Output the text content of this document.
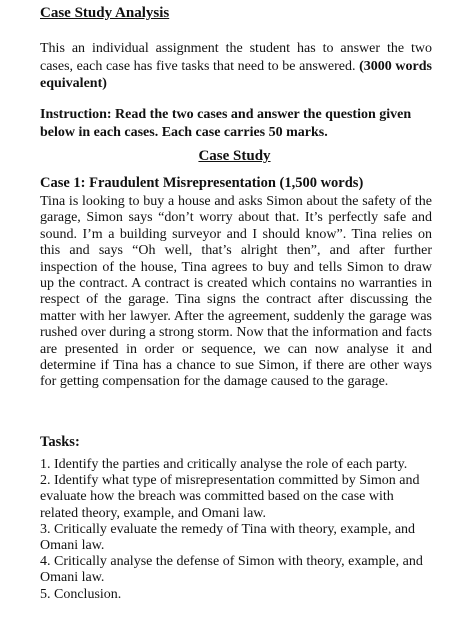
Case Study Analysis

This an individual assignment the student has to answer the two cases, each case has five tasks that need to be answered. (3000 words equivalent)

Instruction: Read the two cases and answer the question given below in each cases. Each case carries 50 marks.

Case Study
Case 1: Fraudulent Misrepresentation (1,500 words)

Tina is looking to buy a house and asks Simon about the safety of the garage, Simon says “don’t worry about that. It’s perfectly safe and sound. I’m a building surveyor and I should know”. Tina relies on this and says “Oh well, that’s alright then”, and after further inspection of the house, Tina agrees to buy and tells Simon to draw up the contract. A contract is created which contains no warranties in respect of the garage. Tina signs the contract after discussing the matter with her lawyer. After the agreement, suddenly the garage was rushed over during a strong storm. Now that the information and facts are presented in order or sequence, we can now analyse it and determine if Tina has a chance to sue Simon, if there are other ways for getting compensation for the damage caused to the garage.

Tasks:
1. Identify the parties and critically analyse the role of each party.
2. Identify what type of misrepresentation committed by Simon and evaluate how the breach was committed based on the case with related theory, example, and Omani law.
3. Critically evaluate the remedy of Tina with theory, example, and Omani law.
4. Critically analyse the defense of Simon with theory, example, and Omani law.
5. Conclusion.
